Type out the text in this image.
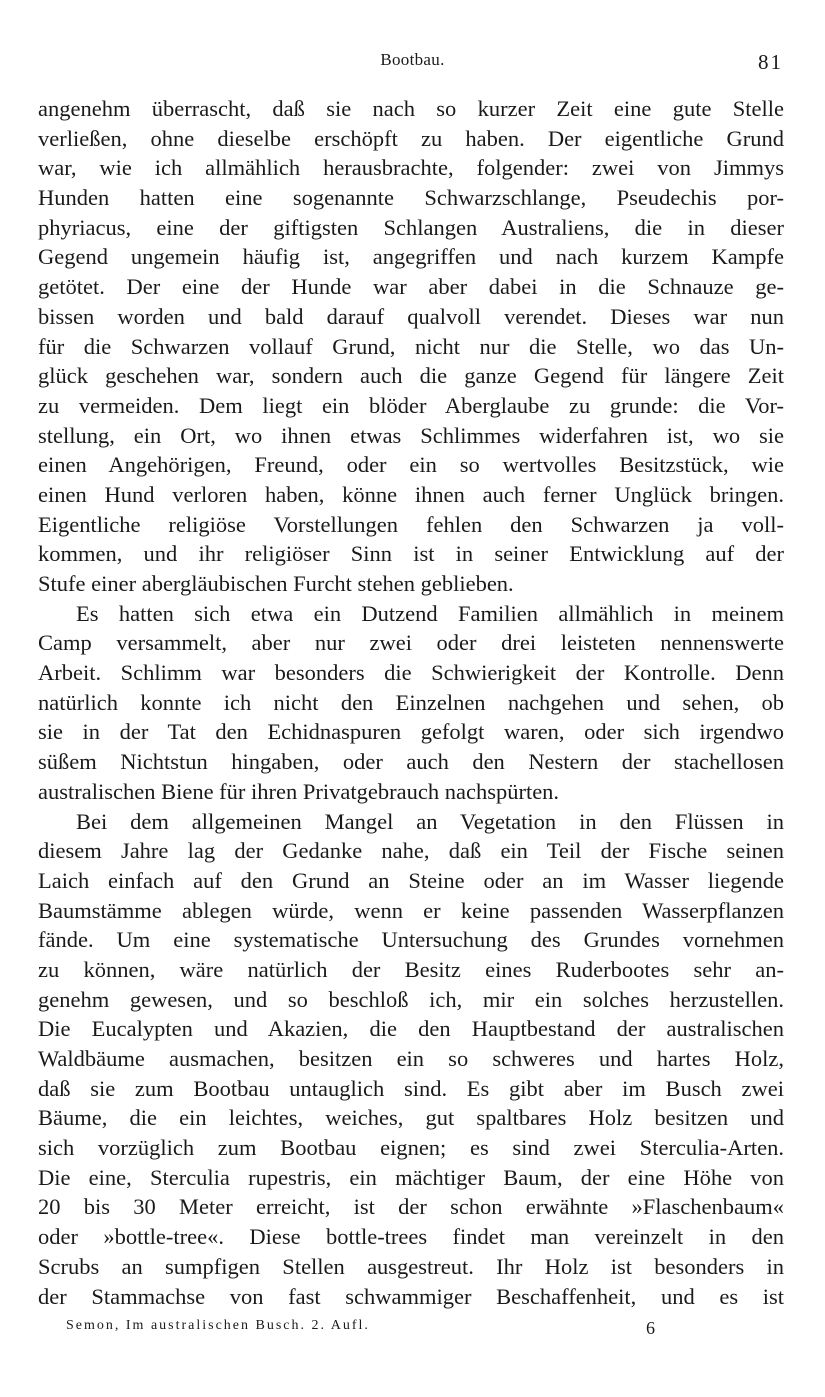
Bootbau.	81
angenehm überrascht, daß sie nach so kurzer Zeit eine gute Stelle
verließen, ohne dieselbe erschöpft zu haben. Der eigentliche Grund
war, wie ich allmählich herausbrachte, folgender: zwei von Jimmys
Hunden hatten eine sogenannte Schwarzschlange, Pseudechis por-
phyriacus, eine der giftigsten Schlangen Australiens, die in dieser
Gegend ungemein häufig ist, angegriffen und nach kurzem Kampfe
getötet. Der eine der Hunde war aber dabei in die Schnauze ge-
bissen worden und bald darauf qualvoll verendet. Dieses war nun
für die Schwarzen vollauf Grund, nicht nur die Stelle, wo das Un-
glück geschehen war, sondern auch die ganze Gegend für längere Zeit
zu vermeiden. Dem liegt ein blöder Aberglaube zu grunde: die Vor-
stellung, ein Ort, wo ihnen etwas Schlimmes widerfahren ist, wo sie
einen Angehörigen, Freund, oder ein so wertvolles Besitzstück, wie
einen Hund verloren haben, könne ihnen auch ferner Unglück bringen.
Eigentliche religiöse Vorstellungen fehlen den Schwarzen ja voll-
kommen, und ihr religiöser Sinn ist in seiner Entwicklung auf der
Stufe einer abergläubischen Furcht stehen geblieben.
Es hatten sich etwa ein Dutzend Familien allmählich in meinem
Camp versammelt, aber nur zwei oder drei leisteten nennenswerte
Arbeit. Schlimm war besonders die Schwierigkeit der Kontrolle. Denn
natürlich konnte ich nicht den Einzelnen nachgehen und sehen, ob
sie in der Tat den Echidnaspuren gefolgt waren, oder sich irgendwo
süßem Nichtstun hingaben, oder auch den Nestern der stachellosen
australischen Biene für ihren Privatgebrauch nachspürten.
Bei dem allgemeinen Mangel an Vegetation in den Flüssen in
diesem Jahre lag der Gedanke nahe, daß ein Teil der Fische seinen
Laich einfach auf den Grund an Steine oder an im Wasser liegende
Baumstämme ablegen würde, wenn er keine passenden Wasserpflanzen
fände. Um eine systematische Untersuchung des Grundes vornehmen
zu können, wäre natürlich der Besitz eines Ruderbootes sehr an-
genehm gewesen, und so beschloß ich, mir ein solches herzustellen.
Die Eucalypten und Akazien, die den Hauptbestand der australischen
Waldbäume ausmachen, besitzen ein so schweres und hartes Holz,
daß sie zum Bootbau untauglich sind. Es gibt aber im Busch zwei
Bäume, die ein leichtes, weiches, gut spaltbares Holz besitzen und
sich vorzüglich zum Bootbau eignen; es sind zwei Sterculia-Arten.
Die eine, Sterculia rupestris, ein mächtiger Baum, der eine Höhe von
20 bis 30 Meter erreicht, ist der schon erwähnte »Flaschenbaum«
oder »bottle-tree«. Diese bottle-trees findet man vereinzelt in den
Scrubs an sumpfigen Stellen ausgestreut. Ihr Holz ist besonders in
der Stammachse von fast schwammiger Beschaffenheit, und es ist
Semon, Im australischen Busch. 2. Aufl.	6
